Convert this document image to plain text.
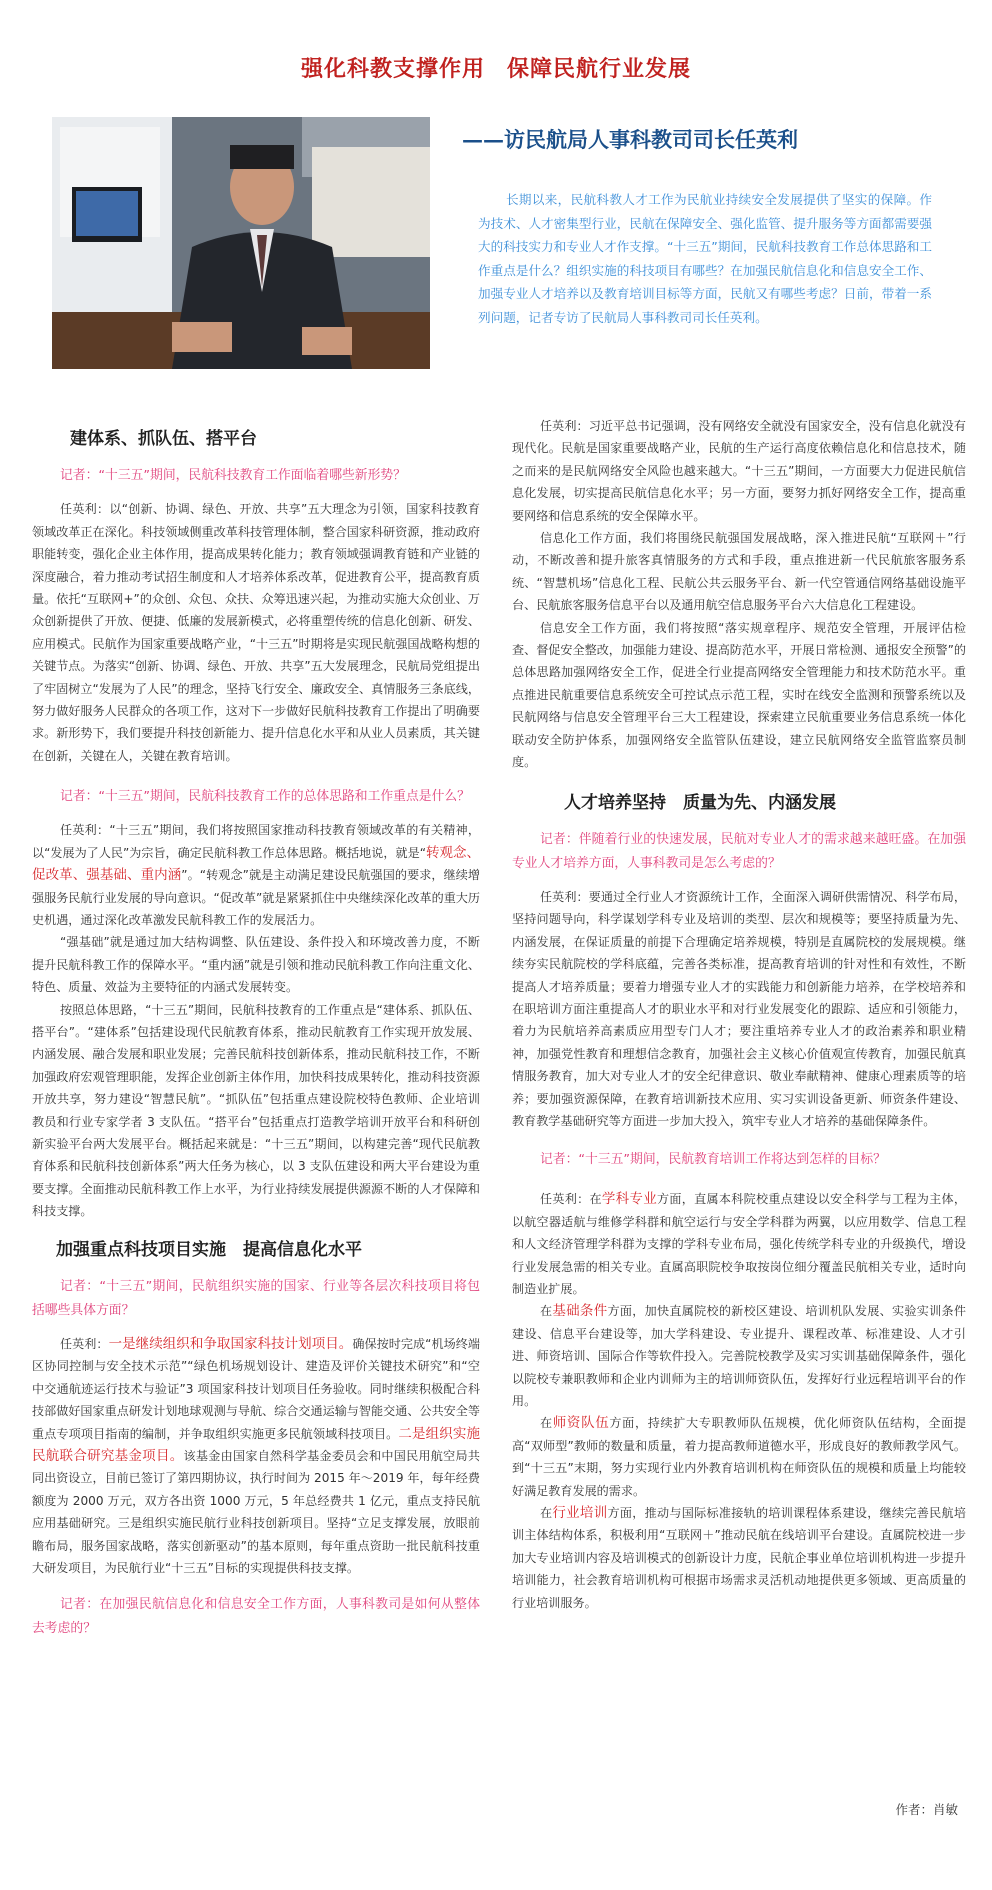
强化科教支撑作用 保障民航行业发展
——访民航局人事科教司司长任英利

长期以来，民航科教人才工作为民航业持续安全发展提供了坚实的保障。作为技术、人才密集型行业，民航在保障安全、强化监管、提升服务等方面都需要强大的科技实力和专业人才作支撑。“十三五”期间，民航科技教育工作总体思路和工作重点是什么？组织实施的科技项目有哪些？在加强民航信息化和信息安全工作、加强专业人才培养以及教育培训目标等方面，民航又有哪些考虑？日前，带着一系列问题，记者专访了民航局人事科教司司长任英利。

建体系、抓队伍、搭平台

记者：“十三五”期间，民航科技教育工作面临着哪些新形势？

任英利：以“创新、协调、绿色、开放、共享”五大理念为引领，国家科技教育领域改革正在深化。科技领域侧重改革科技管理体制，整合国家科研资源，推动政府职能转变，强化企业主体作用，提高成果转化能力；教育领域强调教育链和产业链的深度融合，着力推动考试招生制度和人才培养体系改革，促进教育公平，提高教育质量。依托“互联网+”的众创、众包、众扶、众筹迅速兴起，为推动实施大众创业、万众创新提供了开放、便捷、低廉的发展新模式，必将重塑传统的信息化创新、研发、应用模式。民航作为国家重要战略产业，“十三五”时期将是实现民航强国战略构想的关键节点。为落实“创新、协调、绿色、开放、共享”五大发展理念，民航局党组提出了牢固树立“发展为了人民”的理念，坚持飞行安全、廉政安全、真情服务三条底线，努力做好服务人民群众的各项工作，这对下一步做好民航科技教育工作提出了明确要求。新形势下，我们要提升科技创新能力、提升信息化水平和从业人员素质，其关键在创新，关键在人，关键在教育培训。

记者：“十三五”期间，民航科技教育工作的总体思路和工作重点是什么？

任英利：“十三五”期间，我们将按照国家推动科技教育领域改革的有关精神，以“发展为了人民”为宗旨，确定民航科教工作总体思路。概括地说，就是“转观念、促改革、强基础、重内涵”。“转观念”就是主动满足建设民航强国的要求，继续增强服务民航行业发展的导向意识。“促改革”就是紧紧抓住中央继续深化改革的重大历史机遇，通过深化改革激发民航科教工作的发展活力。

“强基础”就是通过加大结构调整、队伍建设、条件投入和环境改善力度，不断提升民航科教工作的保障水平。“重内涵”就是引领和推动民航科教工作向注重文化、特色、质量、效益为主要特征的内涵式发展转变。

按照总体思路，“十三五”期间，民航科技教育的工作重点是“建体系、抓队伍、搭平台”。“建体系”包括建设现代民航教育体系，推动民航教育工作实现开放发展、内涵发展、融合发展和职业发展；完善民航科技创新体系，推动民航科技工作，不断加强政府宏观管理职能，发挥企业创新主体作用，加快科技成果转化，推动科技资源开放共享，努力建设“智慧民航”。“抓队伍”包括重点建设院校特色教师、企业培训教员和行业专家学者 3 支队伍。“搭平台”包括重点打造教学培训开放平台和科研创新实验平台两大发展平台。概括起来就是：“十三五”期间，以构建完善“现代民航教育体系和民航科技创新体系”两大任务为核心，以 3 支队伍建设和两大平台建设为重要支撑。全面推动民航科教工作上水平，为行业持续发展提供源源不断的人才保障和科技支撑。

加强重点科技项目实施　提高信息化水平

记者：“十三五”期间，民航组织实施的国家、行业等各层次科技项目将包括哪些具体方面？

任英利：一是继续组织和争取国家科技计划项目。确保按时完成“机场终端区协同控制与安全技术示范”“绿色机场规划设计、建造及评价关键技术研究”和“空中交通航迹运行技术与验证”3 项国家科技计划项目任务验收。同时继续积极配合科技部做好国家重点研发计划地球观测与导航、综合交通运输与智能交通、公共安全等重点专项项目指南的编制，并争取组织实施更多民航领域科技项目。二是组织实施民航联合研究基金项目。该基金由国家自然科学基金委员会和中国民用航空局共同出资设立，目前已签订了第四期协议，执行时间为 2015 年～2019 年，每年经费额度为 2000 万元，双方各出资 1000 万元，5 年总经费共 1 亿元，重点支持民航应用基础研究。三是组织实施民航行业科技创新项目。坚持“立足支撑发展，放眼前瞻布局，服务国家战略，落实创新驱动”的基本原则，每年重点资助一批民航科技重大研发项目，为民航行业“十三五”目标的实现提供科技支撑。

记者：在加强民航信息化和信息安全工作方面，人事科教司是如何从整体去考虑的？

任英利：习近平总书记强调，没有网络安全就没有国家安全，没有信息化就没有现代化。民航是国家重要战略产业，民航的生产运行高度依赖信息化和信息技术，随之而来的是民航网络安全风险也越来越大。“十三五”期间，一方面要大力促进民航信息化发展，切实提高民航信息化水平；另一方面，要努力抓好网络安全工作，提高重要网络和信息系统的安全保障水平。

信息化工作方面，我们将围绕民航强国发展战略，深入推进民航“互联网＋”行动，不断改善和提升旅客真情服务的方式和手段，重点推进新一代民航旅客服务系统、“智慧机场”信息化工程、民航公共云服务平台、新一代空管通信网络基础设施平台、民航旅客服务信息平台以及通用航空信息服务平台六大信息化工程建设。

信息安全工作方面，我们将按照“落实规章程序、规范安全管理，开展评估检查、督促安全整改，加强能力建设、提高防范水平，开展日常检测、通报安全预警”的总体思路加强网络安全工作，促进全行业提高网络安全管理能力和技术防范水平。重点推进民航重要信息系统安全可控试点示范工程，实时在线安全监测和预警系统以及民航网络与信息安全管理平台三大工程建设，探索建立民航重要业务信息系统一体化联动安全防护体系，加强网络安全监管队伍建设，建立民航网络安全监管监察员制度。

人才培养坚持　质量为先、内涵发展

记者：伴随着行业的快速发展，民航对专业人才的需求越来越旺盛。在加强专业人才培养方面，人事科教司是怎么考虑的？

任英利：要通过全行业人才资源统计工作，全面深入调研供需情况、科学布局，坚持问题导向，科学谋划学科专业及培训的类型、层次和规模等；要坚持质量为先、内涵发展，在保证质量的前提下合理确定培养规模，特别是直属院校的发展规模。继续夯实民航院校的学科底蕴，完善各类标准，提高教育培训的针对性和有效性，不断提高人才培养质量；要着力增强专业人才的实践能力和创新能力培养，在学校培养和在职培训方面注重提高人才的职业水平和对行业发展变化的跟踪、适应和引领能力，着力为民航培养高素质应用型专门人才；要注重培养专业人才的政治素养和职业精神，加强党性教育和理想信念教育，加强社会主义核心价值观宣传教育，加强民航真情服务教育，加大对专业人才的安全纪律意识、敬业奉献精神、健康心理素质等的培养；要加强资源保障，在教育培训新技术应用、实习实训设备更新、师资条件建设、教育教学基础研究等方面进一步加大投入，筑牢专业人才培养的基础保障条件。

记者：“十三五”期间，民航教育培训工作将达到怎样的目标？

任英利：在学科专业方面，直属本科院校重点建设以安全科学与工程为主体，以航空器适航与维修学科群和航空运行与安全学科群为两翼，以应用数学、信息工程和人文经济管理学科群为支撑的学科专业布局，强化传统学科专业的升级换代，增设行业发展急需的相关专业。直属高职院校争取按岗位细分覆盖民航相关专业，适时向制造业扩展。

在基础条件方面，加快直属院校的新校区建设、培训机队发展、实验实训条件建设、信息平台建设等，加大学科建设、专业提升、课程改革、标准建设、人才引进、师资培训、国际合作等软件投入。完善院校教学及实习实训基础保障条件，强化以院校专兼职教师和企业内训师为主的培训师资队伍，发挥好行业远程培训平台的作用。

在师资队伍方面，持续扩大专职教师队伍规模，优化师资队伍结构，全面提高“双师型”教师的数量和质量，着力提高教师道德水平，形成良好的教师教学风气。到“十三五”末期，努力实现行业内外教育培训机构在师资队伍的规模和质量上均能较好满足教育发展的需求。

在行业培训方面，推动与国际标准接轨的培训课程体系建设，继续完善民航培训主体结构体系，积极利用“互联网＋”推动民航在线培训平台建设。直属院校进一步加大专业培训内容及培训模式的创新设计力度，民航企事业单位培训机构进一步提升培训能力，社会教育培训机构可根据市场需求灵活机动地提供更多领域、更高质量的行业培训服务。

作者：肖敏
